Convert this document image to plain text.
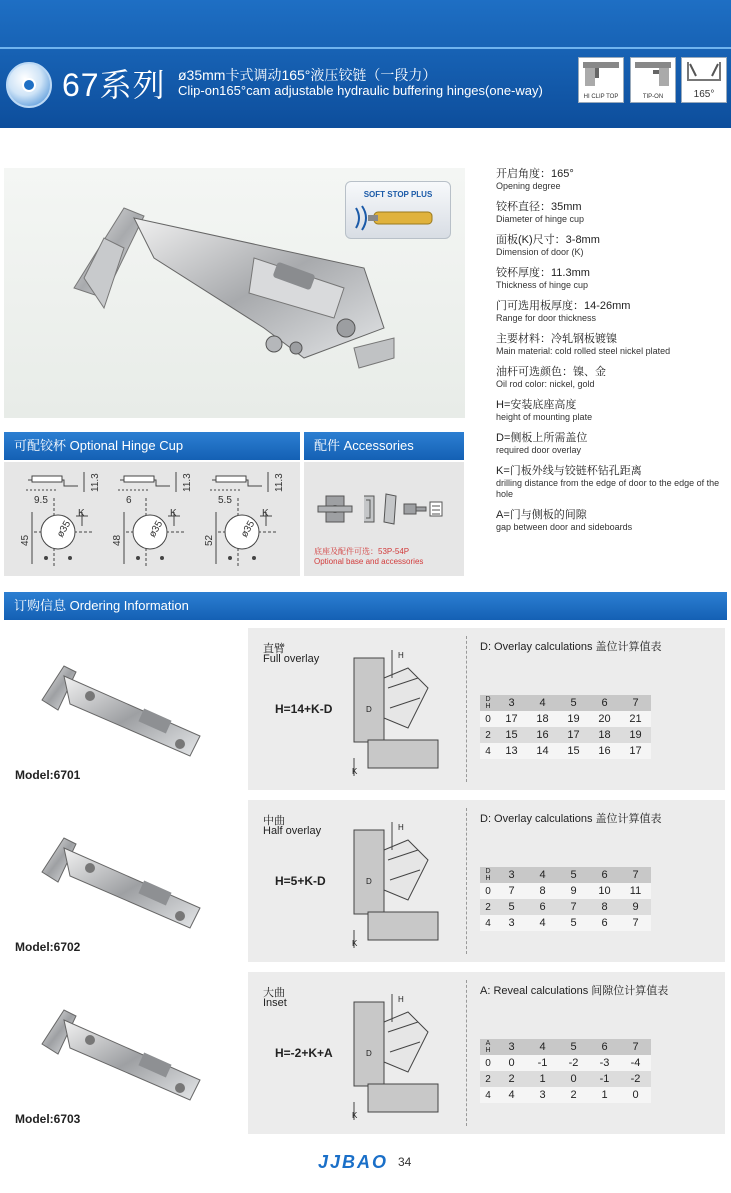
67系列 ø35mm卡式调动165°液压铰链（一段力）
Clip-on165°cam adjustable hydraulic buffering hinges(one-way)	HI CLIP TOP	TIP-ON	165°
SOFT STOP PLUS
开启角度：165°
Opening degree
铰杯直径：35mm
Diameter of hinge cup
面板(K)尺寸：3-8mm
Dimension of door (K)
铰杯厚度：11.3mm
Thickness of hinge cup
门可选用板厚度：14-26mm
Range for door thickness
主要材料：冷轧钢板镀镍
Main material: cold rolled steel nickel plated
油杆可选颜色：镍、金
Oil rod color: nickel, gold
H=安装底座高度
height of mounting plate
D=侧板上所需盖位
required door overlay
K=门板外线与铰链杯钻孔距离
drilling distance from the edge of door to the edge of the hole
A=门与侧板的间隙
gap between door and sideboards
可配铰杯 Optional Hinge Cup
9.5
11.3
45
ø35
K
6
11.3
48
ø35
K
5.5
11.3
52
ø35
K
配件 Accessories
底座及配件可选：53P-54P
Optional base and accessories
订购信息 Ordering Information
Model:6701
直臂
Full overlay
H=14+K-D
H
D
K
D: Overlay calculations 盖位计算值表
D
H	3	4	5	6	7
0	17	18	19	20	21
2	15	16	17	18	19
4	13	14	15	16	17
Model:6702
中曲
Half overlay
H=5+K-D
H
D
K
D: Overlay calculations 盖位计算值表
D
H	3	4	5	6	7
0	7	8	9	10	11
2	5	6	7	8	9
4	3	4	5	6	7
Model:6703
大曲
Inset
H=-2+K+A
H
D
K
A: Reveal calculations 间隙位计算值表
A
H	3	4	5	6	7
0	0	-1	-2	-3	-4
2	2	1	0	-1	-2
4	4	3	2	1	0
JJBAO 34
